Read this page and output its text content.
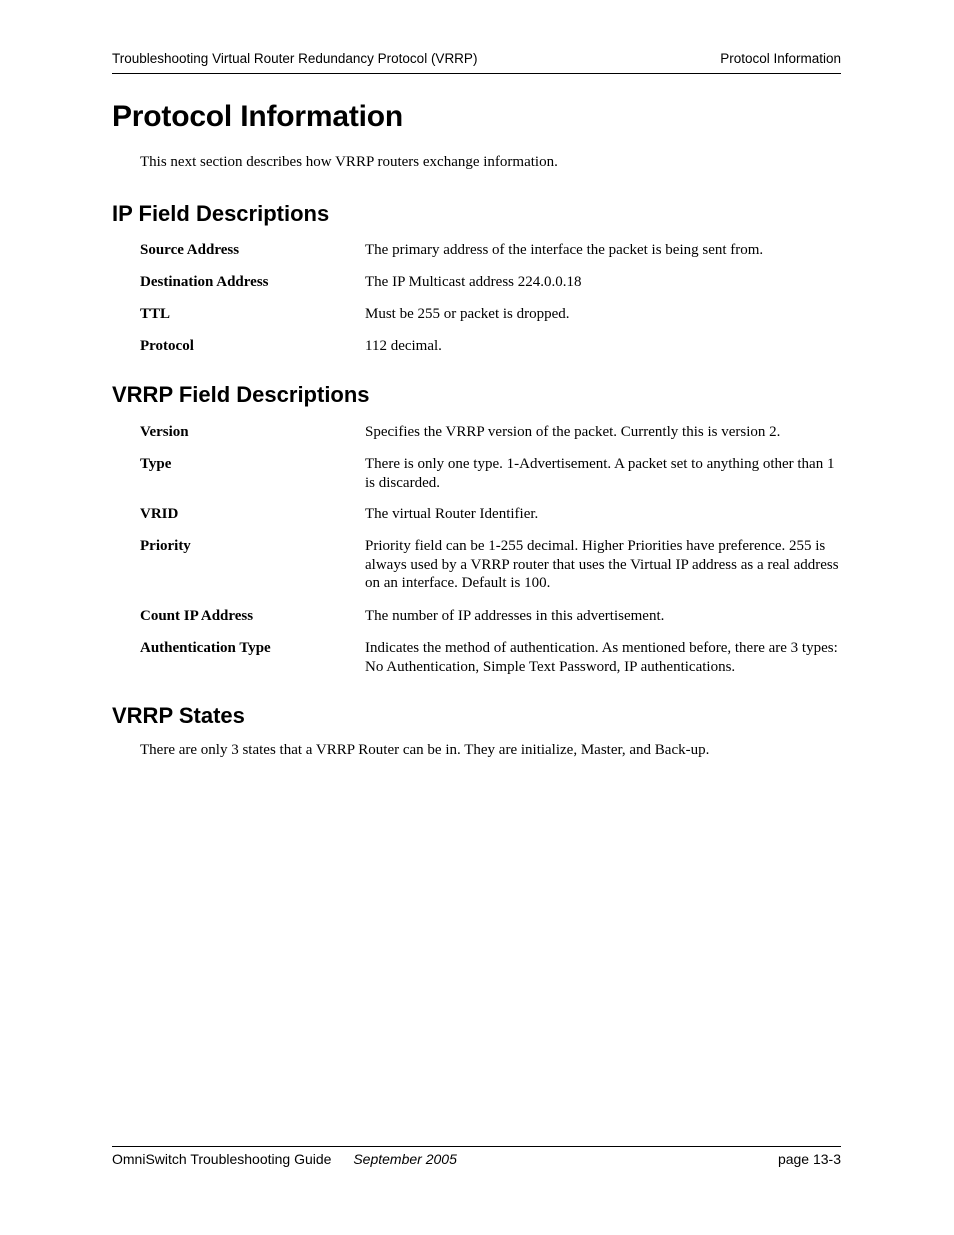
Troubleshooting Virtual Router Redundancy Protocol (VRRP)	Protocol Information
Protocol Information

This next section describes how VRRP routers exchange information.

IP Field Descriptions
Source Address	The primary address of the interface the packet is being sent from.
Destination Address	The IP Multicast address 224.0.0.18
TTL	Must be 255 or packet is dropped.
Protocol	112 decimal.
VRRP Field Descriptions
Version	Specifies the VRRP version of the packet. Currently this is version 2.
Type	There is only one type. 1-Advertisement. A packet set to anything other than 1 is discarded.
VRID	The virtual Router Identifier.
Priority	Priority field can be 1-255 decimal. Higher Priorities have preference. 255 is always used by a VRRP router that uses the Virtual IP address as a real address on an interface. Default is 100.
Count IP Address	The number of IP addresses in this advertisement.
Authentication Type	Indicates the method of authentication. As mentioned before, there are 3 types: No Authentication, Simple Text Password, IP authentications.
VRRP States

There are only 3 states that a VRRP Router can be in. They are initialize, Master, and Back-up.

OmniSwitch Troubleshooting Guide September 2005	page 13-3
